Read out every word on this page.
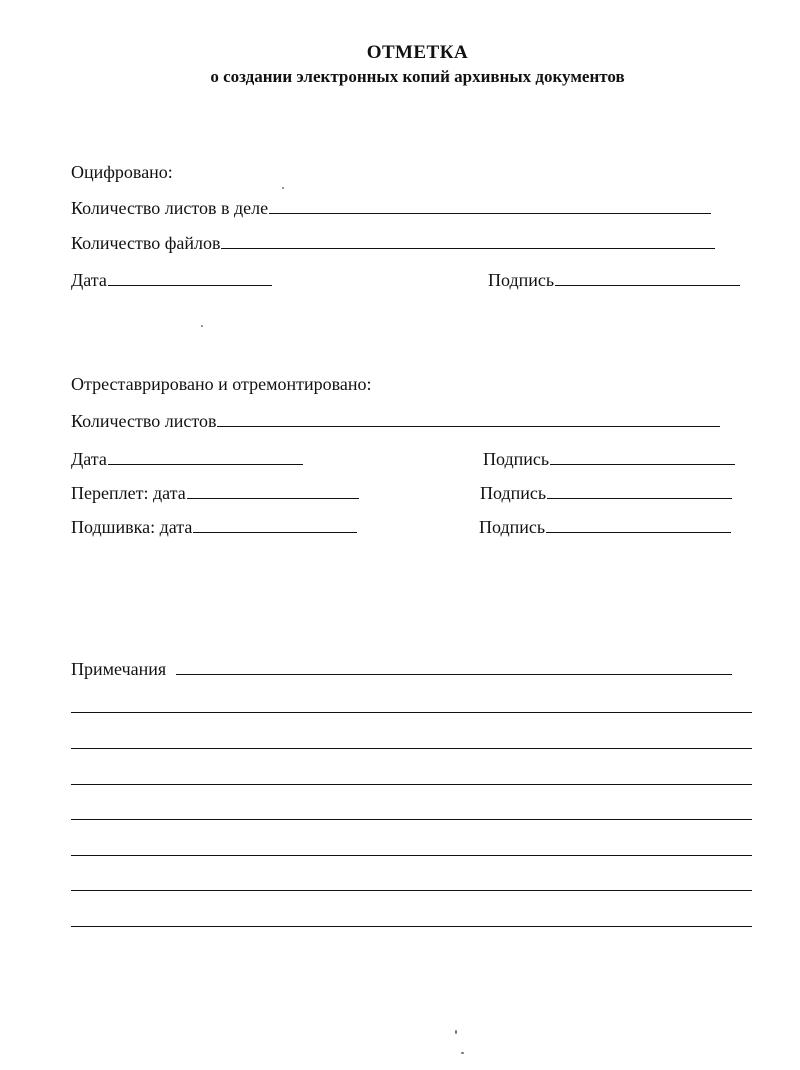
ОТМЕТКА
о создании электронных копий архивных документов
Оцифровано:
Количество листов в деле
Количество файлов
Дата	Подпись
Отреставрировано и отремонтировано:
Количество листов
Дата	Подпись
Переплет: дата	Подпись
Подшивка: дата	Подпись
Примечания
